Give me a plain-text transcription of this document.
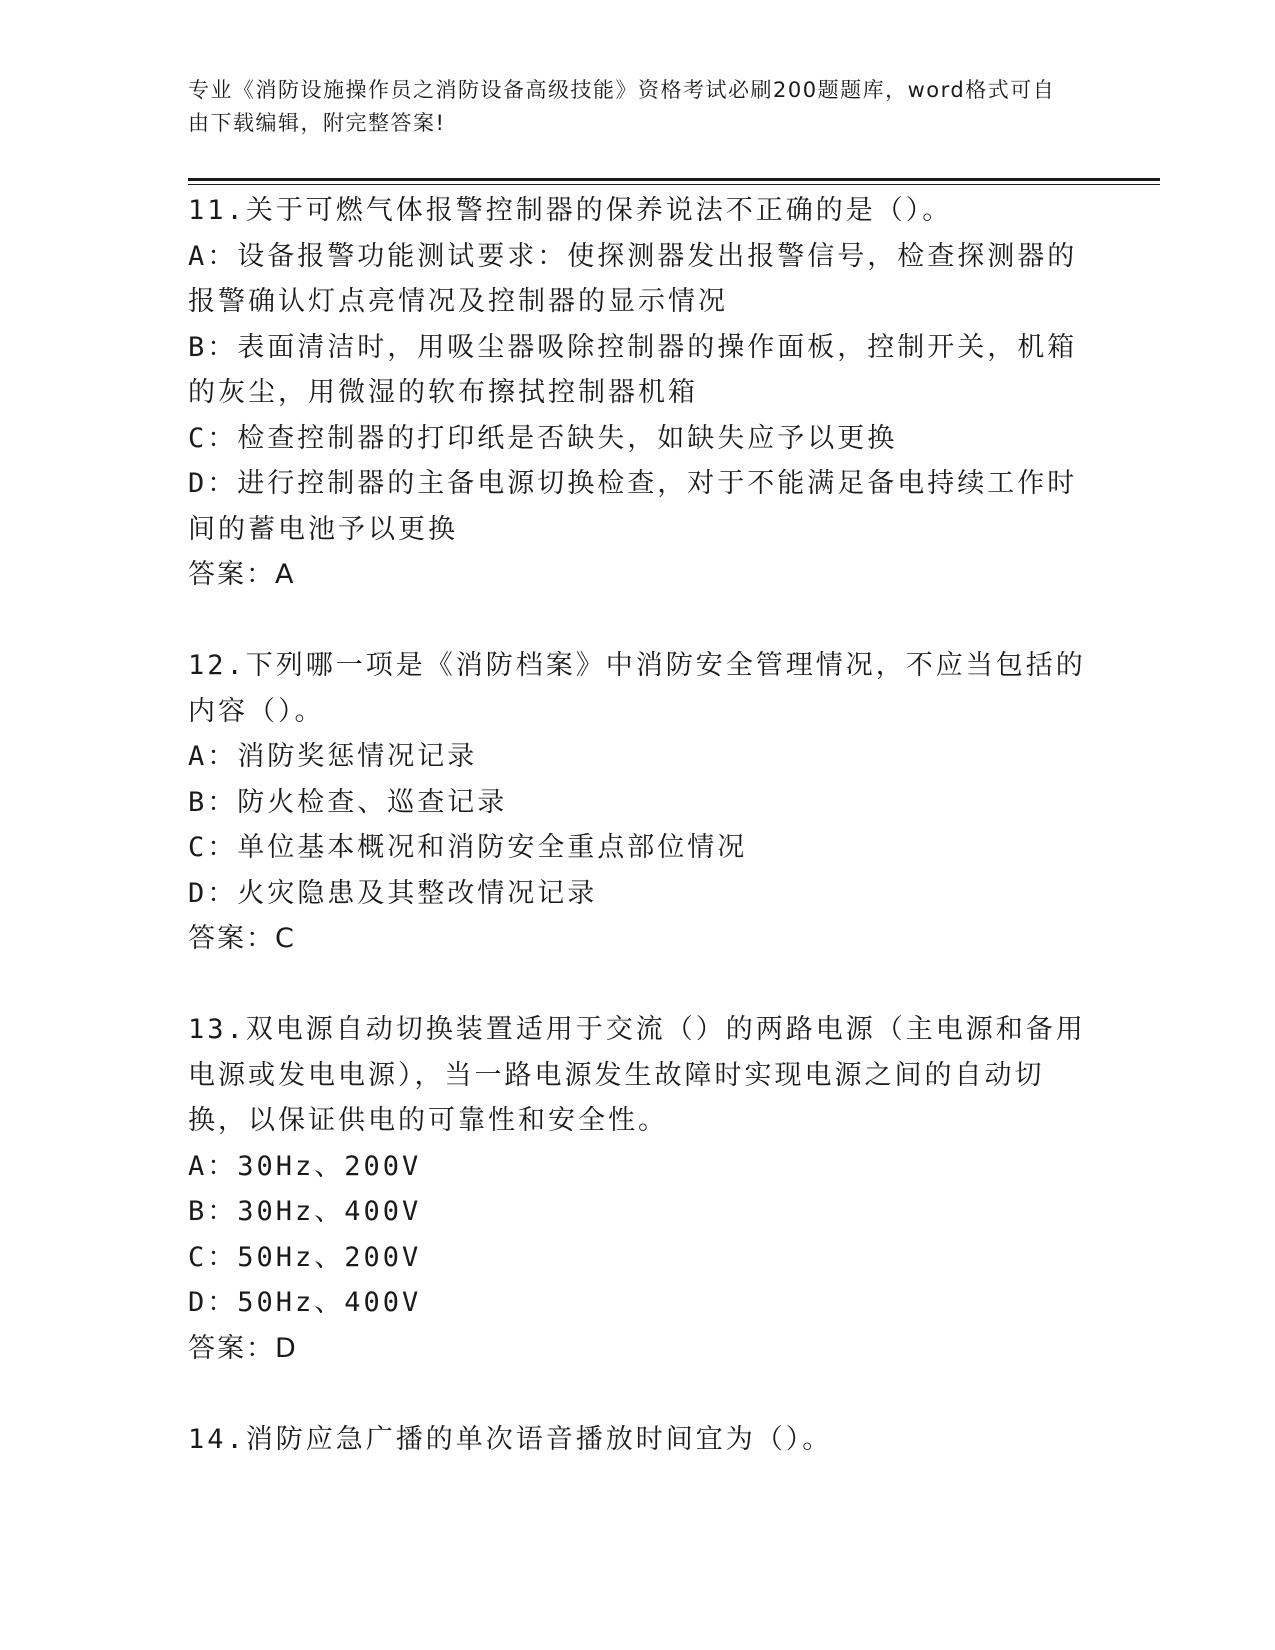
专业《消防设施操作员之消防设备高级技能》资格考试必刷200题题库，word格式可自由下载编辑，附完整答案!

11.关于可燃气体报警控制器的保养说法不正确的是（）。

A：设备报警功能测试要求：使探测器发出报警信号，检查探测器的报警确认灯点亮情况及控制器的显示情况

B：表面清洁时，用吸尘器吸除控制器的操作面板，控制开关，机箱的灰尘，用微湿的软布擦拭控制器机箱

C：检查控制器的打印纸是否缺失，如缺失应予以更换

D：进行控制器的主备电源切换检查，对于不能满足备电持续工作时间的蓄电池予以更换

答案：A

12.下列哪一项是《消防档案》中消防安全管理情况，不应当包括的内容（）。

A：消防奖惩情况记录

B：防火检查、巡查记录

C：单位基本概况和消防安全重点部位情况

D：火灾隐患及其整改情况记录

答案：C

13.双电源自动切换装置适用于交流（）的两路电源（主电源和备用电源或发电电源），当一路电源发生故障时实现电源之间的自动切换，以保证供电的可靠性和安全性。

A：30Hz、200V

B：30Hz、400V

C：50Hz、200V

D：50Hz、400V

答案：D

14.消防应急广播的单次语音播放时间宜为（）。
